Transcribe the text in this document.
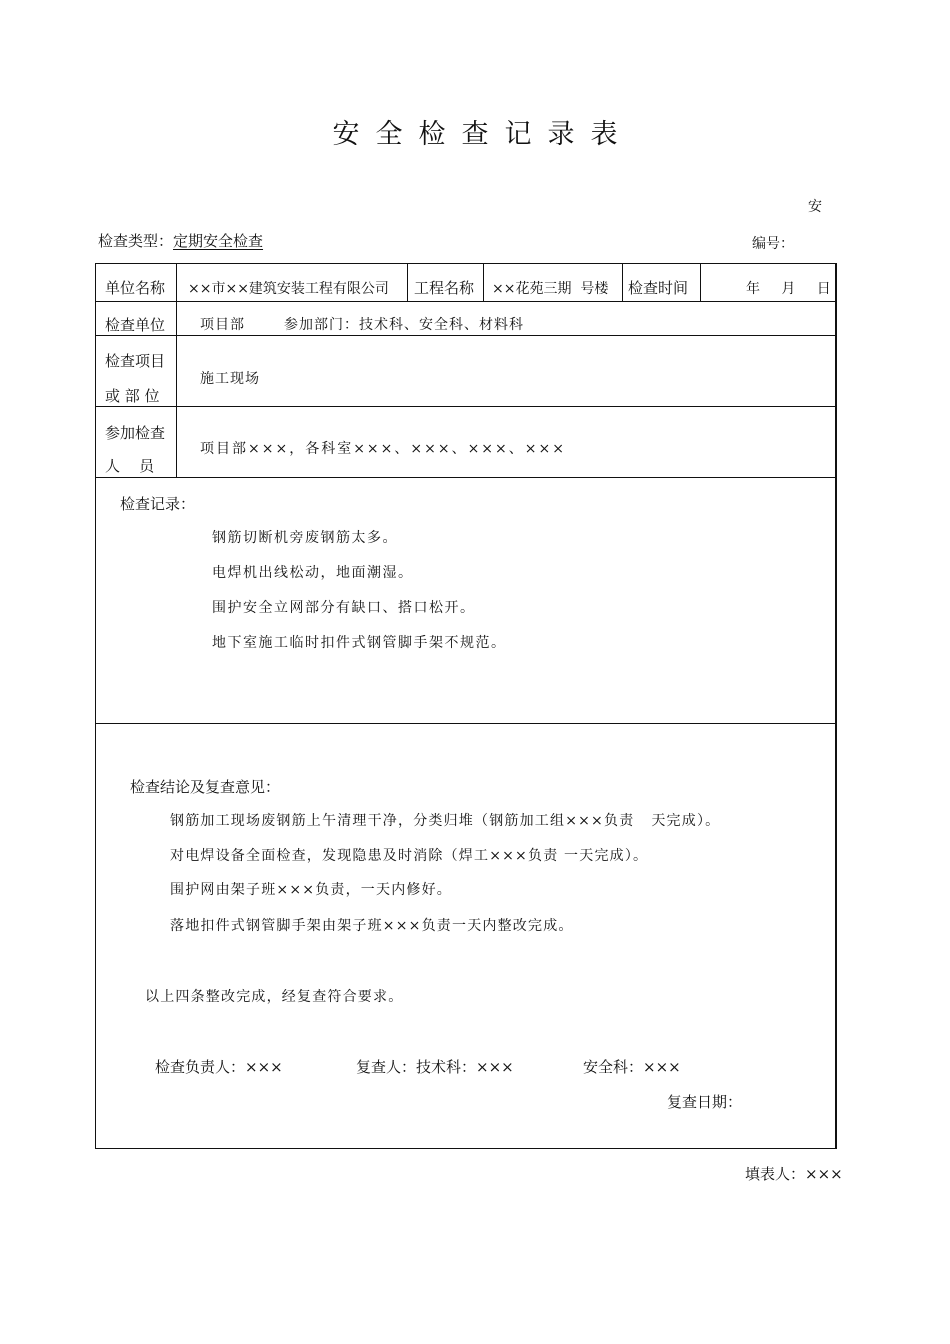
安全检查记录表
安
检查类型：定期安全检查	编号：
单位名称 ××市××建筑安装工程有限公司 工程名称 ××花苑三期  号楼 检查时间	年   月   日
检查单位 项目部	参加部门：技术科、安全科、材料科
检查项目
或 部 位
施工现场
参加检查
人    员
项目部×××，各科室×××、×××、×××、×××
检查记录：
钢筋切断机旁废钢筋太多。
电焊机出线松动，地面潮湿。
围护安全立网部分有缺口、搭口松开。
地下室施工临时扣件式钢管脚手架不规范。
检查结论及复查意见：
钢筋加工现场废钢筋上午清理干净，分类归堆（钢筋加工组×××负责   天完成）。
对电焊设备全面检查，发现隐患及时消除（焊工×××负责 一天完成）。
围护网由架子班×××负责，一天内修好。
落地扣件式钢管脚手架由架子班×××负责一天内整改完成。
以上四条整改完成，经复查符合要求。
检查负责人：×××	复查人：技术科：×××	安全科：×××
复查日期：
填表人：×××
